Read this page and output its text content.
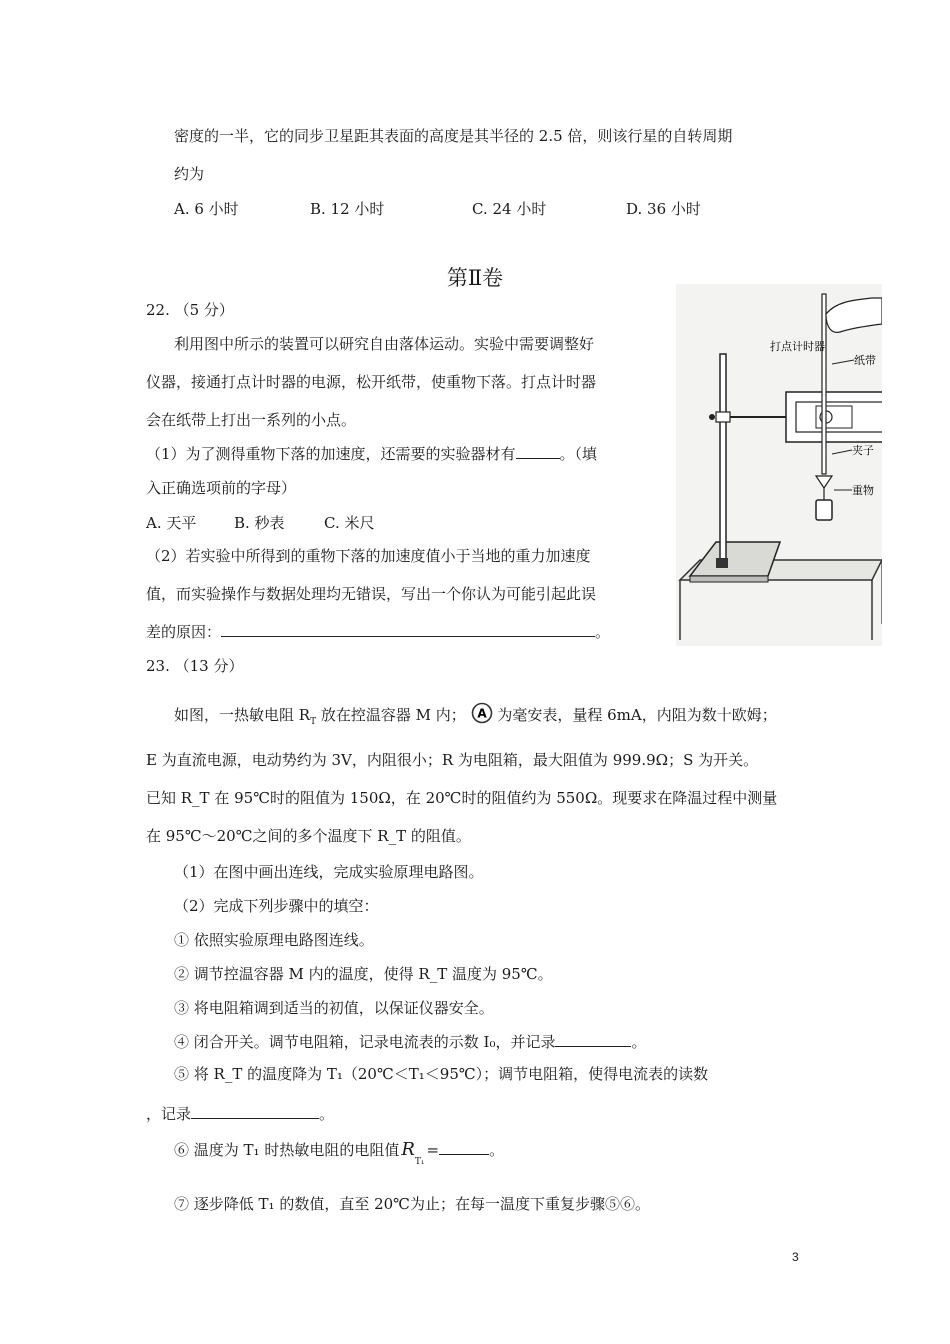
密度的一半，它的同步卫星距其表面的高度是其半径的 2.5 倍，则该行星的自转周期
约为
A. 6 小时	B. 12 小时	C. 24 小时	D. 36 小时
第Ⅱ卷
22. （5 分）
利用图中所示的装置可以研究自由落体运动。实验中需要调整好
仪器，接通打点计时器的电源，松开纸带，使重物下落。打点计时器
会在纸带上打出一系列的小点。
（1）为了测得重物下落的加速度，还需要的实验器材有	。（填
入正确选项前的字母）
A. 天平	B. 秒表	C. 米尺
（2）若实验中所得到的重物下落的加速度值小于当地的重力加速度
值，而实验操作与数据处理均无错误，写出一个你认为可能引起此误
差的原因：	。
打点计时器
纸带
夹子
重物
23. （13 分）
如图，一热敏电阻 $R_T$ 放在控温容器 M 内； A 为毫安表，量程 6mA，内阻为数十欧姆；
E 为直流电源，电动势约为 3V，内阻很小；R 为电阻箱，最大阻值为 999.9Ω；S 为开关。
已知 R_T 在 95℃时的阻值为 150Ω，在 20℃时的阻值约为 550Ω。现要求在降温过程中测量
在 95℃～20℃之间的多个温度下 R_T 的阻值。
（1）在图中画出连线，完成实验原理电路图。
（2）完成下列步骤中的填空：
① 依照实验原理电路图连线。
② 调节控温容器 M 内的温度，使得 R_T 温度为 95℃。
③ 将电阻箱调到适当的初值，以保证仪器安全。
④ 闭合开关。调节电阻箱，记录电流表的示数 I₀，并记录	。
⑤ 将 R_T 的温度降为 T₁（20℃＜T₁＜95℃）；调节电阻箱，使得电流表的读数
，记录	。
⑥ 温度为 T₁ 时热敏电阻的电阻值 $R_{T_1}=$	。
⑦ 逐步降低 T₁ 的数值，直至 20℃为止；在每一温度下重复步骤⑤⑥。
3
